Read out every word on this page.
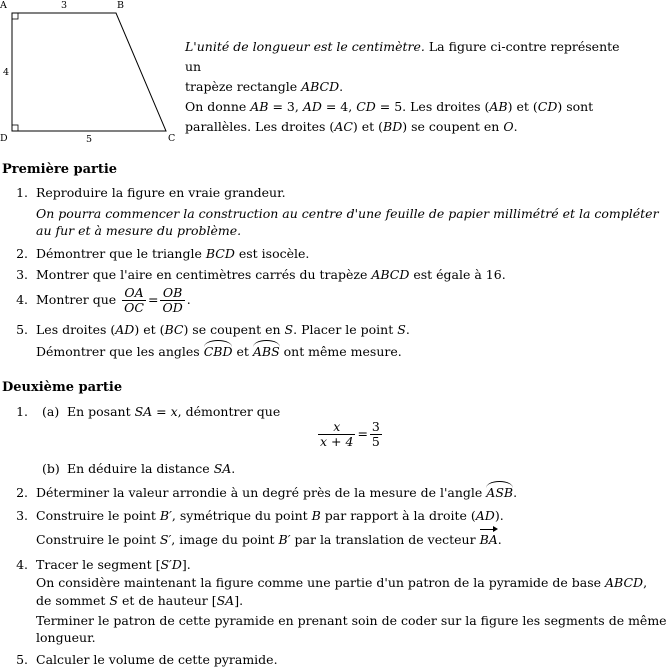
A	B
C
D
3
4
5
L'unité de longueur est le centimètre. La figure ci-contre représente un
trapèze rectangle ABCD.
On donne AB = 3, AD = 4, CD = 5. Les droites (AB) et (CD) sont
parallèles. Les droites (AC) et (BD) se coupent en O.
Première partie
1. Reproduire la figure en vraie grandeur.
On pourra commencer la construction au centre d'une feuille de papier millimétré et la compléter
au fur et à mesure du problème.
2. Démontrer que le triangle BCD est isocèle.
3. Montrer que l'aire en centimètres carrés du trapèze ABCD est égale à 16.
4. Montrer que $\frac{OA}{OC} = \frac{OB}{OD}$ .
5. Les droites (AD) et (BC) se coupent en S. Placer le point S.
Démontrer que les angles CBD et ABS ont même mesure.
Deuxième partie
1. (a) En posant SA = x, démontrer que
$\frac{x}{x + 4} = \frac{3}{5}$
(b) En déduire la distance SA.
2. Déterminer la valeur arrondie à un degré près de la mesure de l'angle ASB.
3. Construire le point B′, symétrique du point B par rapport à la droite (AD).
Construire le point S′, image du point B′ par la translation de vecteur BA.
4. Tracer le segment [S′D].
On considère maintenant la figure comme une partie d'un patron de la pyramide de base ABCD,
de sommet S et de hauteur [SA].
Terminer le patron de cette pyramide en prenant soin de coder sur la figure les segments de même
longueur.
5. Calculer le volume de cette pyramide.
